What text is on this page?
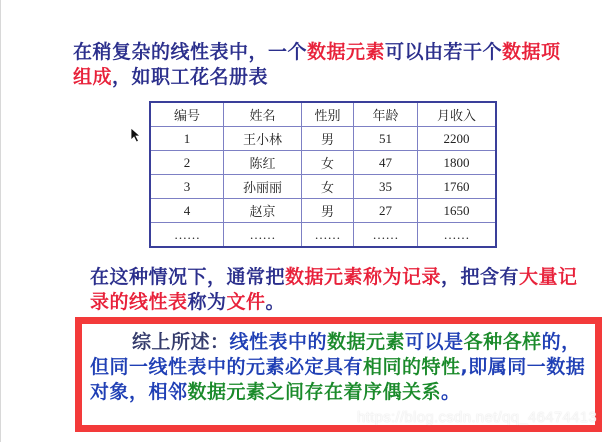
在稍复杂的线性表中，一个数据元素可以由若干个数据项组成，如职工花名册表
编号	姓名	性别	年龄	月收入
1	王小林	男	51	2200
2	陈红	女	47	1800
3	孙丽丽	女	35	1760
4	赵京	男	27	1650
……	……	……	……	……
在这种情况下，通常把数据元素称为记录，把含有大量记录的线性表称为文件。
综上所述：线性表中的数据元素可以是各种各样的，但同一线性表中的元素必定具有相同的特性,即属同一数据对象，相邻数据元素之间存在着序偶关系。
https://blog.csdn.net/qq_46474413
